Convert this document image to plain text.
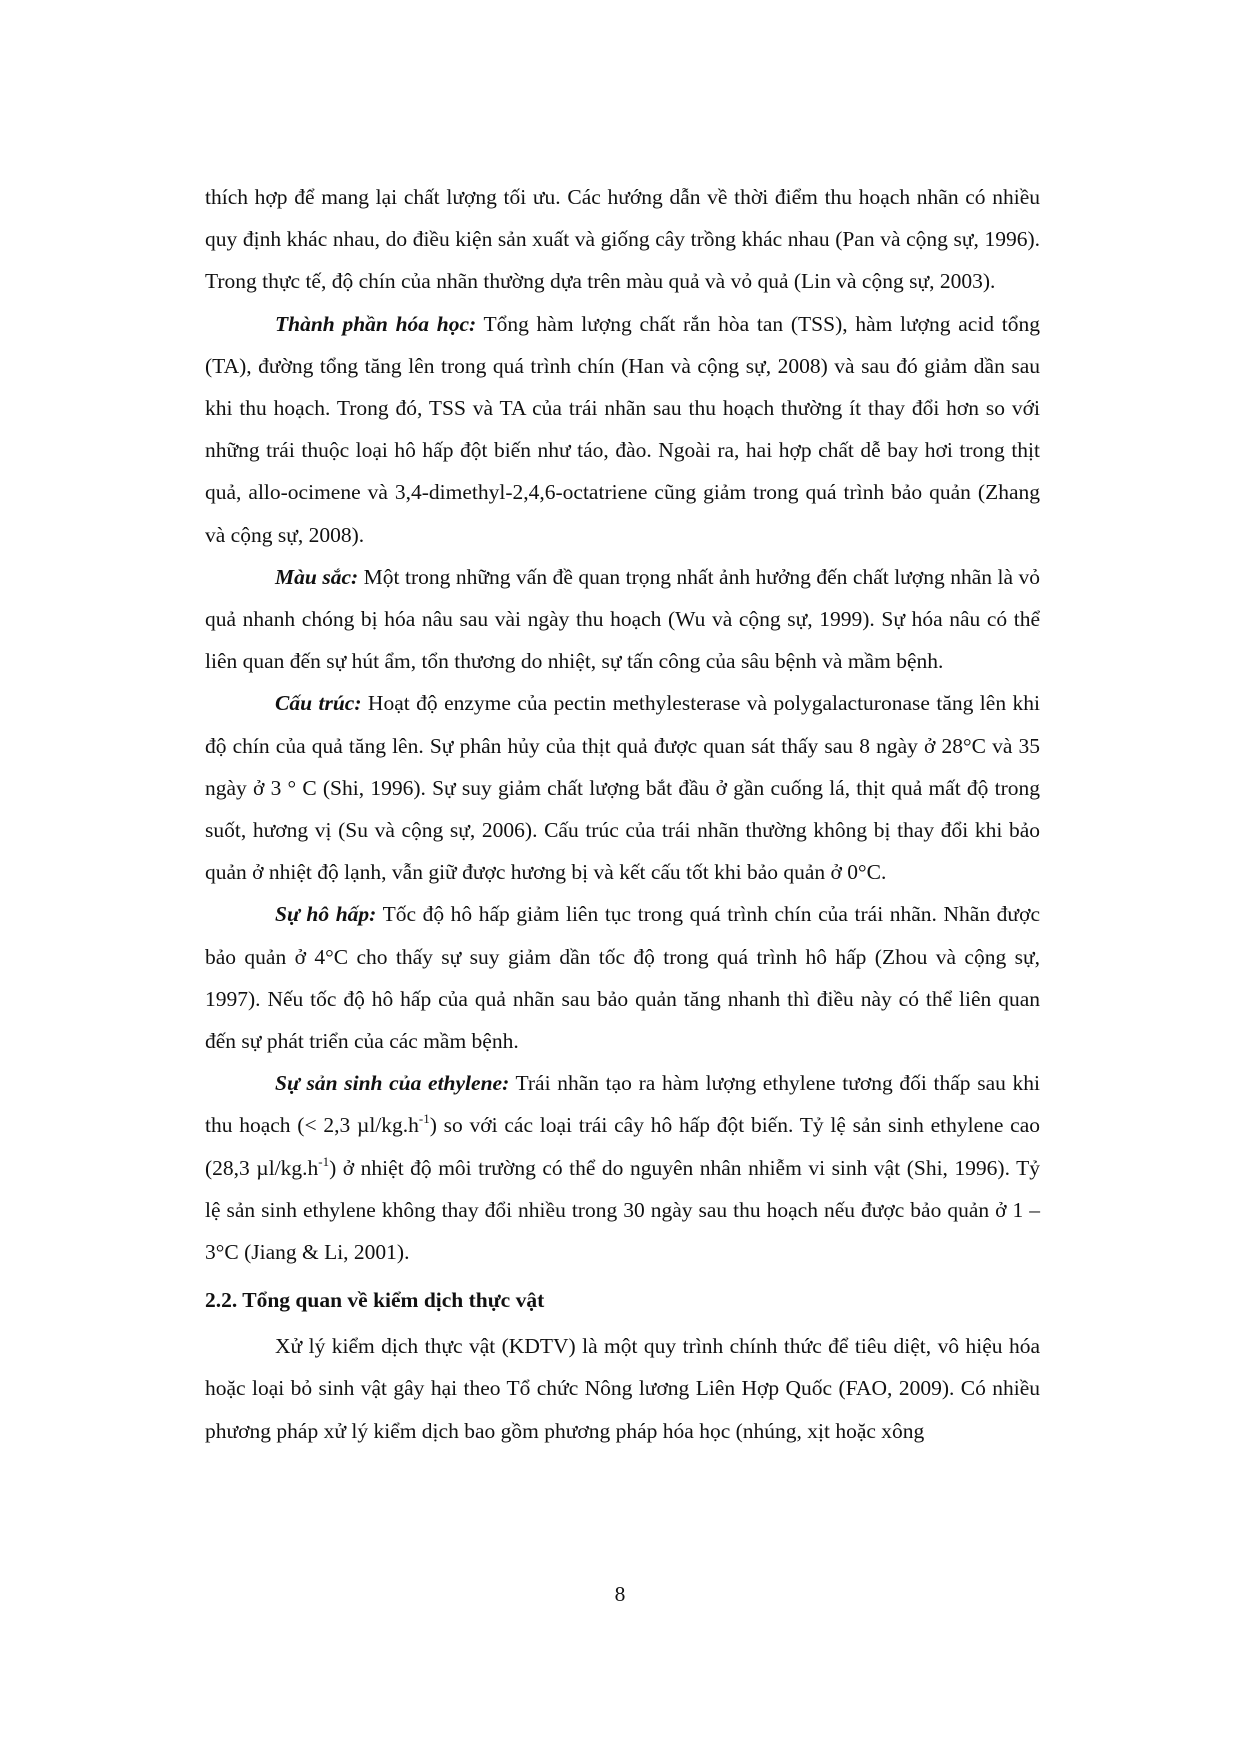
thích hợp để mang lại chất lượng tối ưu. Các hướng dẫn về thời điểm thu hoạch nhãn có nhiều quy định khác nhau, do điều kiện sản xuất và giống cây trồng khác nhau (Pan và cộng sự, 1996). Trong thực tế, độ chín của nhãn thường dựa trên màu quả và vỏ quả (Lin và cộng sự, 2003).

Thành phần hóa học: Tổng hàm lượng chất rắn hòa tan (TSS), hàm lượng acid tổng (TA), đường tổng tăng lên trong quá trình chín (Han và cộng sự, 2008) và sau đó giảm dần sau khi thu hoạch. Trong đó, TSS và TA của trái nhãn sau thu hoạch thường ít thay đổi hơn so với những trái thuộc loại hô hấp đột biến như táo, đào. Ngoài ra, hai hợp chất dễ bay hơi trong thịt quả, allo-ocimene và 3,4-dimethyl-2,4,6-octatriene cũng giảm trong quá trình bảo quản (Zhang và cộng sự, 2008).

Màu sắc: Một trong những vấn đề quan trọng nhất ảnh hưởng đến chất lượng nhãn là vỏ quả nhanh chóng bị hóa nâu sau vài ngày thu hoạch (Wu và cộng sự, 1999). Sự hóa nâu có thể liên quan đến sự hút ẩm, tổn thương do nhiệt, sự tấn công của sâu bệnh và mầm bệnh.

Cấu trúc: Hoạt độ enzyme của pectin methylesterase và polygalacturonase tăng lên khi độ chín của quả tăng lên. Sự phân hủy của thịt quả được quan sát thấy sau 8 ngày ở 28°C và 35 ngày ở 3 ° C (Shi, 1996). Sự suy giảm chất lượng bắt đầu ở gần cuống lá, thịt quả mất độ trong suốt, hương vị (Su và cộng sự, 2006). Cấu trúc của trái nhãn thường không bị thay đổi khi bảo quản ở nhiệt độ lạnh, vẫn giữ được hương bị và kết cấu tốt khi bảo quản ở 0°C.

Sự hô hấp: Tốc độ hô hấp giảm liên tục trong quá trình chín của trái nhãn. Nhãn được bảo quản ở 4°C cho thấy sự suy giảm dần tốc độ trong quá trình hô hấp (Zhou và cộng sự, 1997). Nếu tốc độ hô hấp của quả nhãn sau bảo quản tăng nhanh thì điều này có thể liên quan đến sự phát triển của các mầm bệnh.

Sự sản sinh của ethylene: Trái nhãn tạo ra hàm lượng ethylene tương đối thấp sau khi thu hoạch (< 2,3 $\mu l/kg.h^{-1}$) so với các loại trái cây hô hấp đột biến. Tỷ lệ sản sinh ethylene cao (28,3 $\mu l/kg.h^{-1}$) ở nhiệt độ môi trường có thể do nguyên nhân nhiễm vi sinh vật (Shi, 1996). Tỷ lệ sản sinh ethylene không thay đổi nhiều trong 30 ngày sau thu hoạch nếu được bảo quản ở 1 – 3°C (Jiang & Li, 2001).

2.2. Tổng quan về kiểm dịch thực vật

Xử lý kiểm dịch thực vật (KDTV) là một quy trình chính thức để tiêu diệt, vô hiệu hóa hoặc loại bỏ sinh vật gây hại theo Tổ chức Nông lương Liên Hợp Quốc (FAO, 2009). Có nhiều phương pháp xử lý kiểm dịch bao gồm phương pháp hóa học (nhúng, xịt hoặc xông

8
